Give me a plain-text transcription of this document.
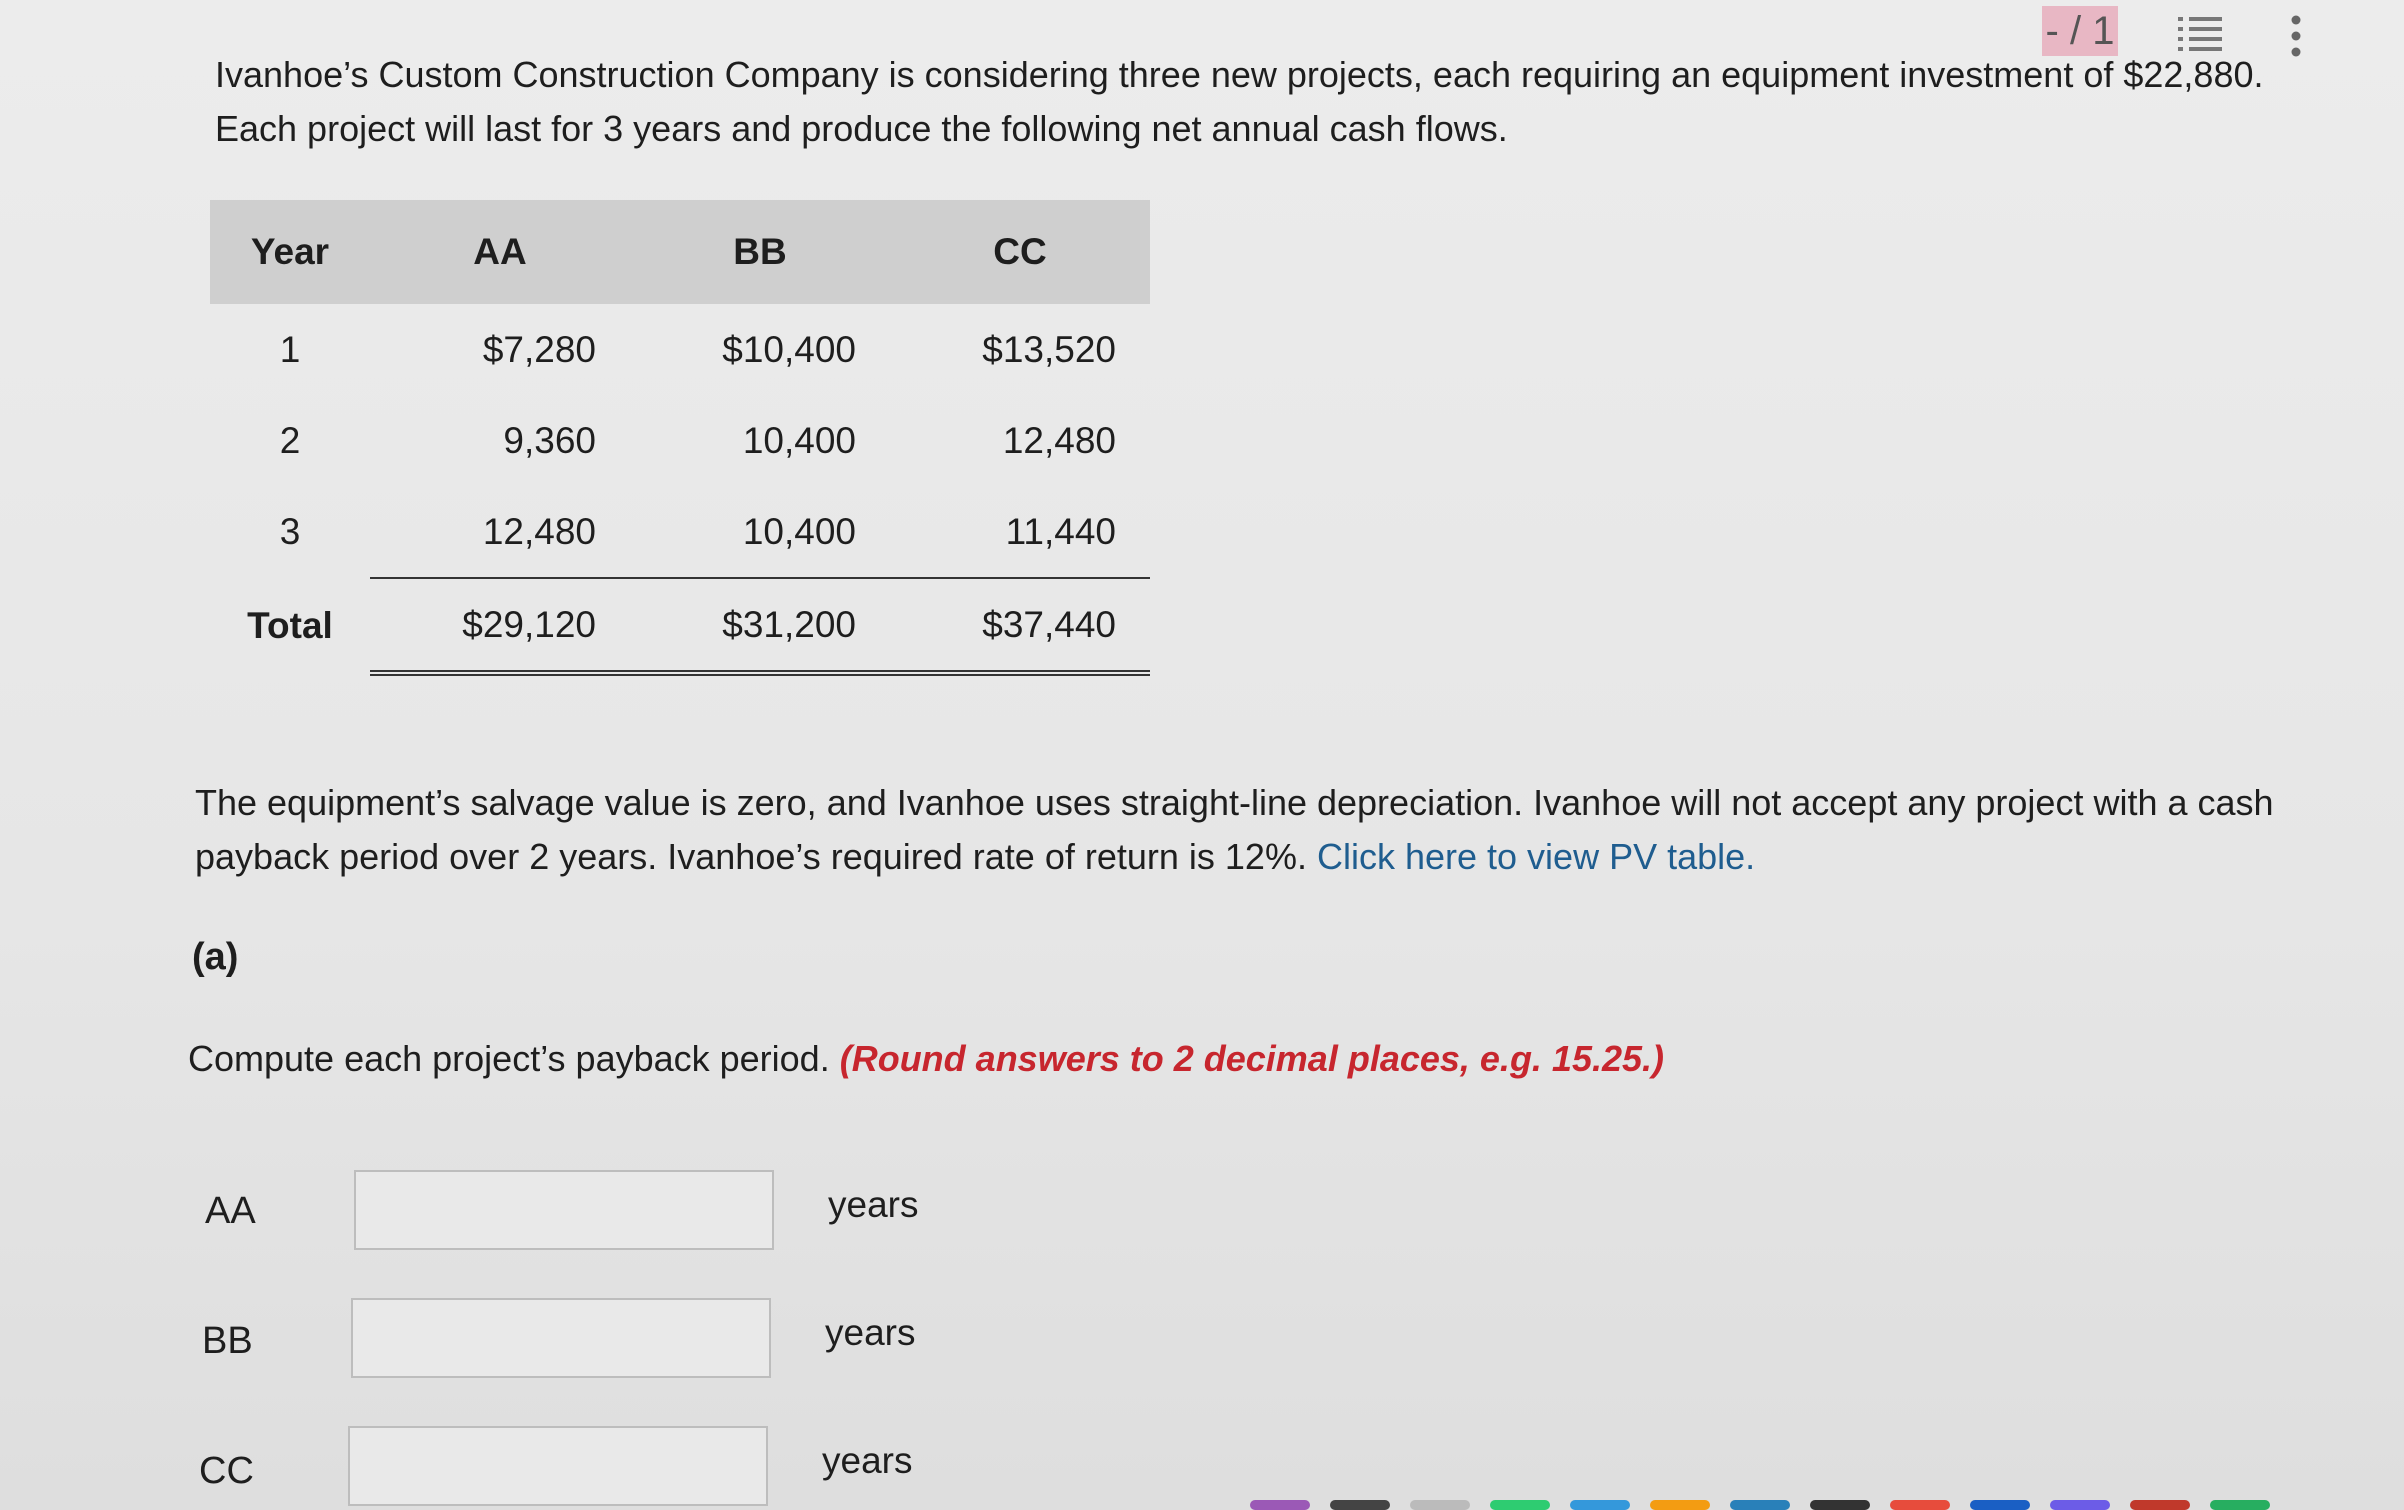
- / 1
Ivanhoe’s Custom Construction Company is considering three new projects, each requiring an equipment investment of $22,880. Each project will last for 3 years and produce the following net annual cash flows.
Year	AA	BB	CC
1	$7,280	$10,400	$13,520
2	9,360	10,400	12,480
3	12,480	10,400	11,440
Total	$29,120	$31,200	$37,440
The equipment’s salvage value is zero, and Ivanhoe uses straight-line depreciation. Ivanhoe will not accept any project with a cash payback period over 2 years. Ivanhoe’s required rate of return is 12%. Click here to view PV table.
(a)
Compute each project’s payback period. (Round answers to 2 decimal places, e.g. 15.25.)
AA	years
BB	years
CC	years
